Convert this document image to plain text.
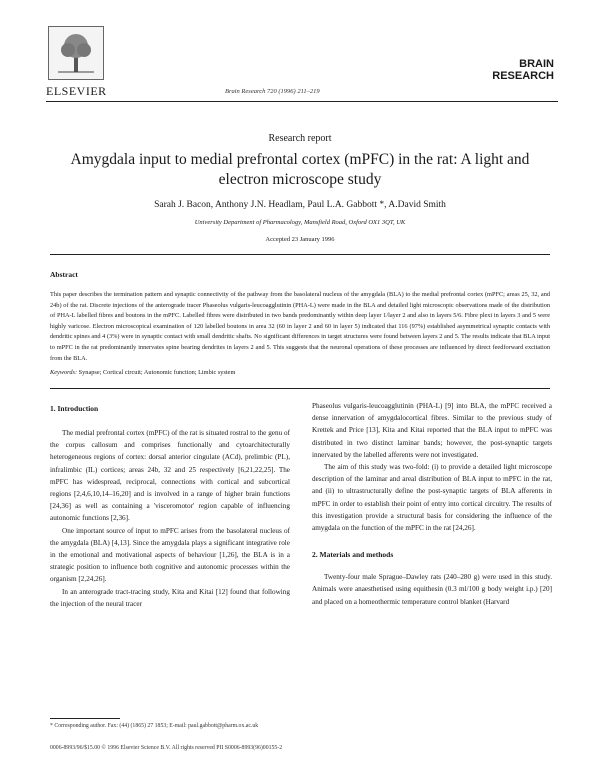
ELSEVIER	Brain Research 720 (1996) 211–219
BRAIN
RESEARCH
Research report
Amygdala input to medial prefrontal cortex (mPFC) in the rat: A light and
electron microscope study
Sarah J. Bacon, Anthony J.N. Headlam, Paul L.A. Gabbott *, A.David Smith
University Department of Pharmacology, Mansfield Road, Oxford OX1 3QT, UK
Accepted 23 January 1996
Abstract
This paper describes the termination pattern and synaptic connectivity of the pathway from the basolateral nucleus of the amygdala (BLA) to the medial prefrontal cortex (mPFC; areas 25, 32, and 24b) of the rat. Discrete injections of the anterograde tracer Phaseolus vulgaris-leucoagglutinin (PHA-L) were made in the BLA and detailed light microscopic observations made of the distribution of PHA-L labelled fibres and boutons in the mPFC. Labelled fibres were distributed in two bands predominantly within deep layer 1/layer 2 and also in layers 5/6. Fibre plexi in layers 3 and 5 were highly varicose. Electron microscopical examination of 120 labelled boutons in area 32 (60 in layer 2 and 60 in layer 5) indicated that 116 (97%) established asymmetrical synaptic contacts with dendritic spines and 4 (3%) were in synaptic contact with small dendritic shafts. No significant differences in target structures were found between layers 2 and 5. The results indicate that BLA input to mPFC in the rat predominantly innervates spine bearing dendrites in layers 2 and 5. This suggests that the neuronal operations of these processes are influenced by direct feedforward excitation from the BLA.
Keywords: Synapse; Cortical circuit; Autonomic function; Limbic system
1. Introduction

The medial prefrontal cortex (mPFC) of the rat is situated rostral to the genu of the corpus callosum and comprises functionally and cytoarchitecturally heterogeneous regions of cortex: dorsal anterior cingulate (ACd), prelimbic (PL), infralimbic (IL) cortices; areas 24b, 32 and 25 respectively [6,21,22,25]. The mPFC has widespread, reciprocal, connections with cortical and subcortical regions [2,4,6,10,14–16,20] and is involved in a range of higher brain functions [24,36] as well as containing a 'visceromotor' region capable of influencing autonomic functions [2,36].

One important source of input to mPFC arises from the basolateral nucleus of the amygdala (BLA) [4,13]. Since the amygdala plays a significant integrative role in the emotional and motivational aspects of behaviour [1,26], the BLA is in a strategic position to influence both cognitive and autonomic processes within the organism [2,24,26].

In an anterograde tract-tracing study, Kita and Kitai [12] found that following the injection of the neural tracer

* Corresponding author. Fax: (44) (1865) 27 1853; E-mail: paul.gabbott@pharm.ox.ac.uk
0006-8993/96/$15.00 © 1996 Elsevier Science B.V. All rights reserved PII S0006-8993(96)00155-2

Phaseolus vulgaris-leucoagglutinin (PHA-L) [9] into BLA, the mPFC received a dense innervation of amygdalocortical fibres. Similar to the previous study of Krettek and Price [13], Kita and Kitai reported that the BLA input to mPFC was distributed in two distinct laminar bands; however, the post-synaptic targets innervated by the labelled afferents were not investigated.

The aim of this study was two-fold: (i) to provide a detailed light microscope description of the laminar and areal distribution of BLA input to mPFC in the rat, and (ii) to ultrastructurally define the post-synaptic targets of BLA afferents in mPFC in order to establish their point of entry into cortical circuitry. The results of this investigation provide a structural basis for considering the influence of the amygdala on the function of the mPFC in the rat [24,26].

2. Materials and methods

Twenty-four male Sprague–Dawley rats (240–280 g) were used in this study. Animals were anaesthetised using equithesin (0.3 ml/100 g body weight i.p.) [20] and placed on a homeothermic temperature control blanket (Harvard
